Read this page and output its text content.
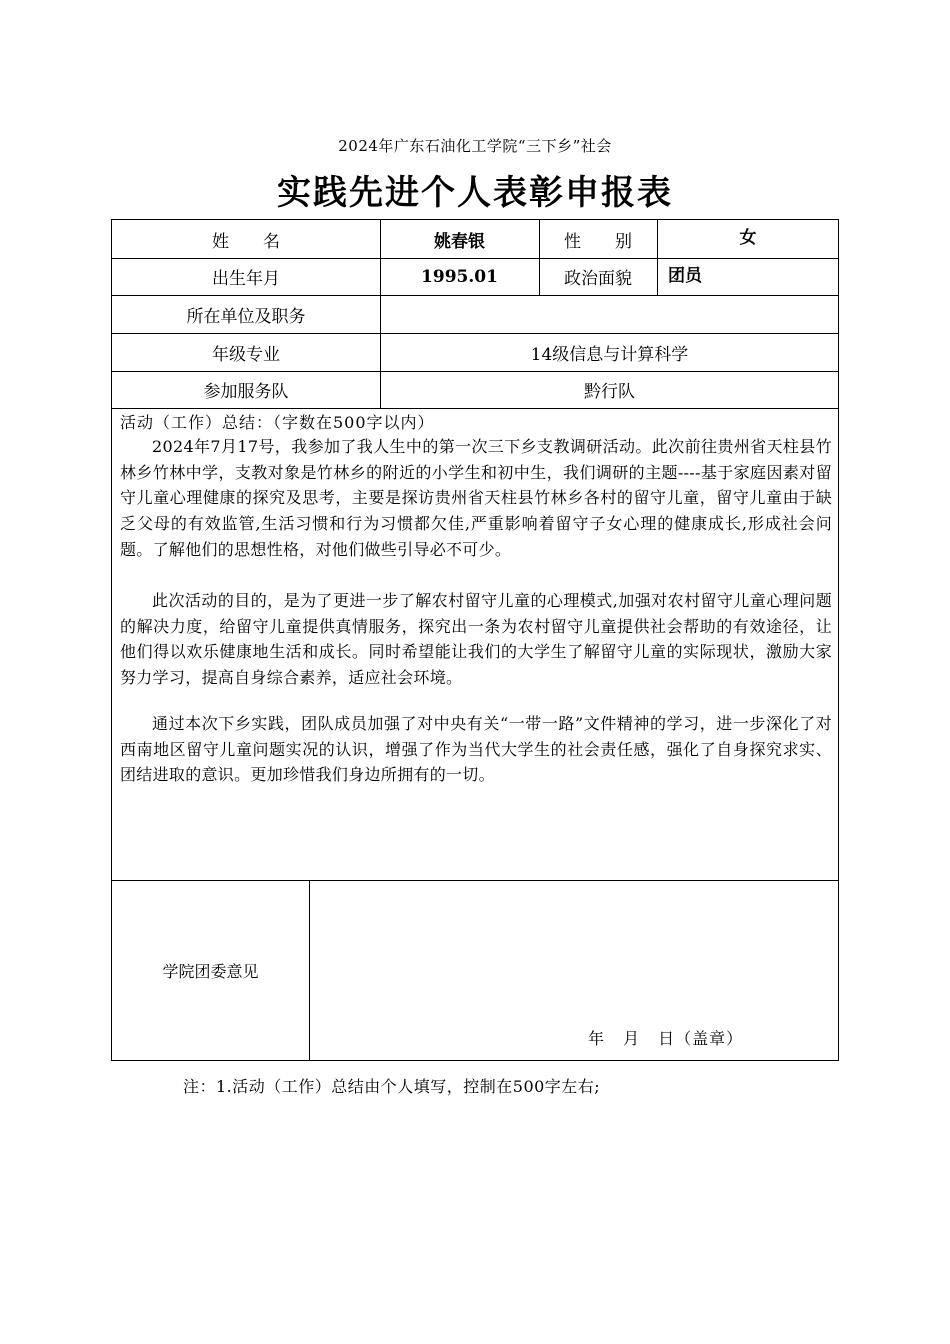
2024年广东石油化工学院“三下乡”社会
实践先进个人表彰申报表
姓　　名	姚春银	性　　别	女
出生年月	1995.01	政治面貌	团员
所在单位及职务
年级专业	14级信息与计算科学
参加服务队	黔行队
活动（工作）总结：（字数在500字以内）

2024年7月17号，我参加了我人生中的第一次三下乡支教调研活动。此次前往贵州省天柱县竹林乡竹林中学，支教对象是竹林乡的附近的小学生和初中生，我们调研的主题----基于家庭因素对留守儿童心理健康的探究及思考，主要是探访贵州省天柱县竹林乡各村的留守儿童，留守儿童由于缺乏父母的有效监管,生活习惯和行为习惯都欠佳,严重影响着留守子女心理的健康成长,形成社会问题。了解他们的思想性格，对他们做些引导必不可少。

此次活动的目的，是为了更进一步了解农村留守儿童的心理模式,加强对农村留守儿童心理问题的解决力度，给留守儿童提供真情服务，探究出一条为农村留守儿童提供社会帮助的有效途径，让他们得以欢乐健康地生活和成长。同时希望能让我们的大学生了解留守儿童的实际现状，激励大家努力学习，提高自身综合素养，适应社会环境。

通过本次下乡实践，团队成员加强了对中央有关“一带一路”文件精神的学习，进一步深化了对西南地区留守儿童问题实况的认识，增强了作为当代大学生的社会责任感，强化了自身探究求实、团结进取的意识。更加珍惜我们身边所拥有的一切。

学院团委意见
年 月 日（盖章）
注：1.活动（工作）总结由个人填写，控制在500字左右;
